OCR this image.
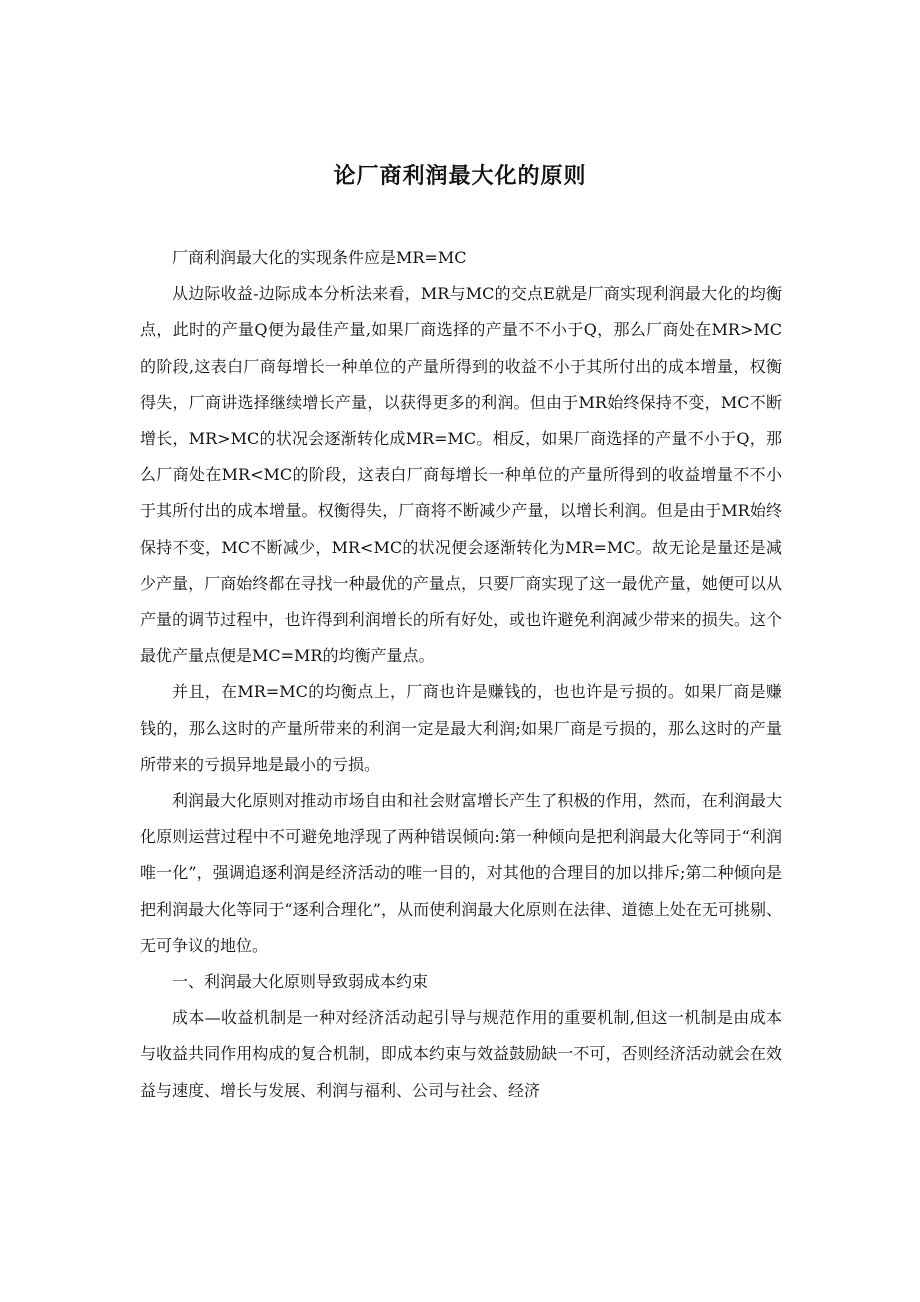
论厂商利润最大化的原则

厂商利润最大化的实现条件应是MR=MC

从边际收益-边际成本分析法来看，MR与MC的交点E就是厂商实现利润最大化的均衡点，此时的产量Q便为最佳产量,如果厂商选择的产量不不小于Q，那么厂商处在MR>MC的阶段,这表白厂商每增长一种单位的产量所得到的收益不小于其所付出的成本增量，权衡得失，厂商讲选择继续增长产量，以获得更多的利润。但由于MR始终保持不变，MC不断增长，MR>MC的状况会逐渐转化成MR=MC。相反，如果厂商选择的产量不小于Q，那么厂商处在MR<MC的阶段，这表白厂商每增长一种单位的产量所得到的收益增量不不小于其所付出的成本增量。权衡得失，厂商将不断减少产量，以增长利润。但是由于MR始终保持不变，MC不断减少，MR<MC的状况便会逐渐转化为MR=MC。故无论是量还是减少产量，厂商始终都在寻找一种最优的产量点，只要厂商实现了这一最优产量，她便可以从产量的调节过程中，也许得到利润增长的所有好处，或也许避免利润减少带来的损失。这个最优产量点便是MC=MR的均衡产量点。

并且，在MR=MC的均衡点上，厂商也许是赚钱的，也也许是亏损的。如果厂商是赚钱的，那么这时的产量所带来的利润一定是最大利润;如果厂商是亏损的，那么这时的产量所带来的亏损异地是最小的亏损。

利润最大化原则对推动市场自由和社会财富增长产生了积极的作用，然而，在利润最大化原则运营过程中不可避免地浮现了两种错误倾向:第一种倾向是把利润最大化等同于“利润唯一化”，强调追逐利润是经济活动的唯一目的，对其他的合理目的加以排斥;第二种倾向是把利润最大化等同于“逐利合理化”，从而使利润最大化原则在法律、道德上处在无可挑剔、无可争议的地位。

一、利润最大化原则导致弱成本约束

成本—收益机制是一种对经济活动起引导与规范作用的重要机制,但这一机制是由成本与收益共同作用构成的复合机制，即成本约束与效益鼓励缺一不可，否则经济活动就会在效益与速度、增长与发展、利润与福利、公司与社会、经济
